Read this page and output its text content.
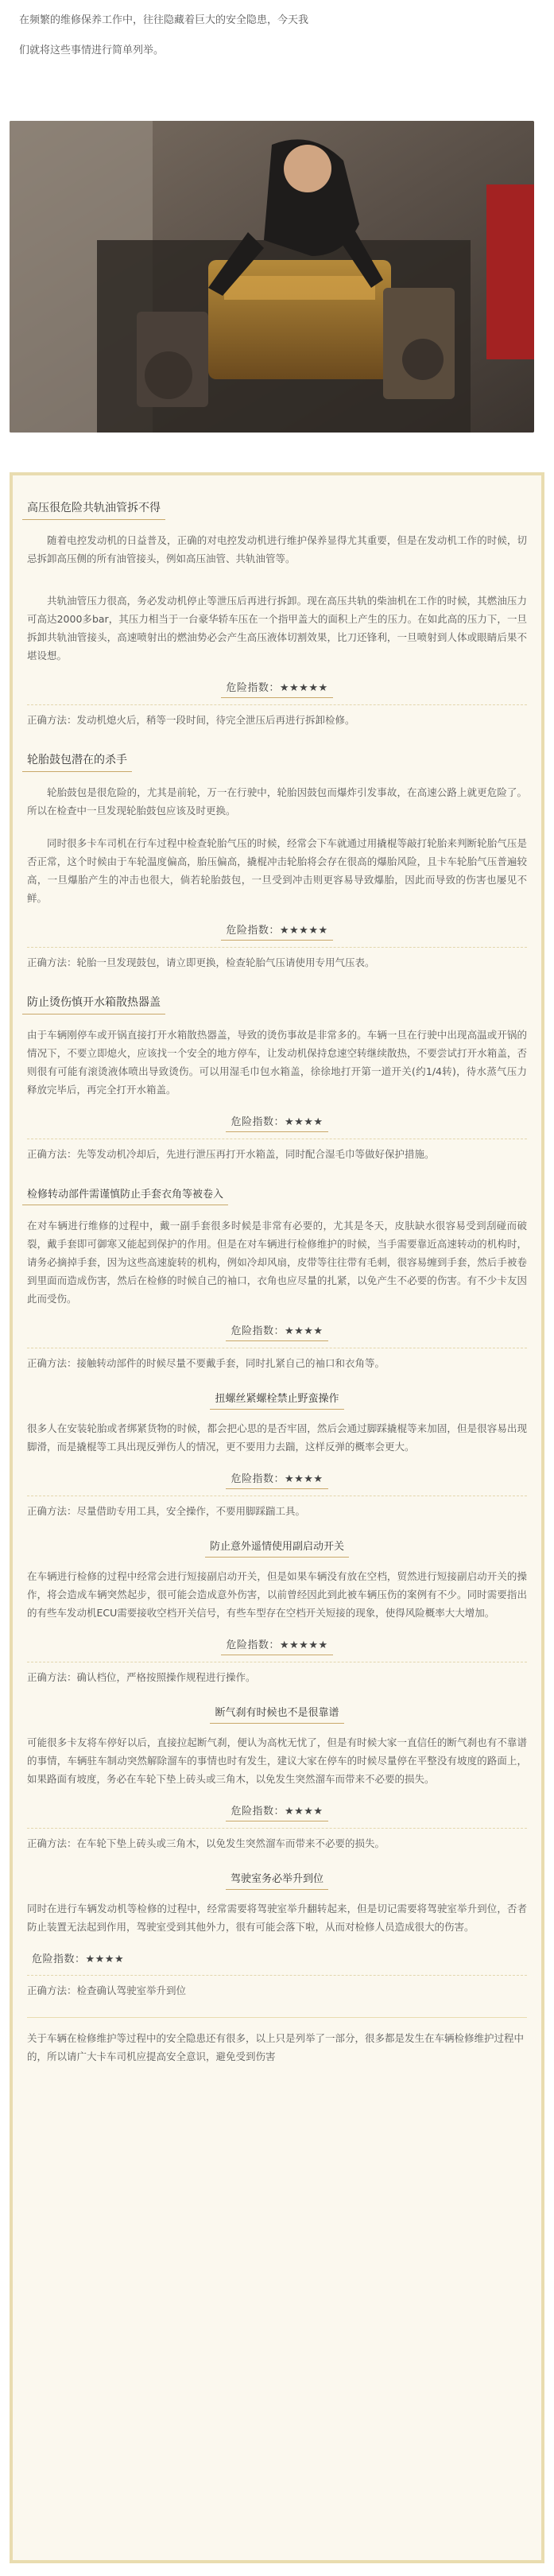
在频繁的维修保养工作中，往往隐藏着巨大的安全隐患，今天我

们就将这些事情进行简单列举。

高压很危险共轨油管拆不得

随着电控发动机的日益普及，正确的对电控发动机进行维护保养显得尤其重要，但是在发动机工作的时候，切忌拆卸高压侧的所有油管接头，例如高压油管、共轨油管等。

共轨油管压力很高，务必发动机停止等泄压后再进行拆卸。现在高压共轨的柴油机在工作的时候，其燃油压力可高达2000多bar，其压力相当于一台豪华轿车压在一个指甲盖大的面积上产生的压力。在如此高的压力下，一旦拆卸共轨油管接头，高速喷射出的燃油势必会产生高压液体切割效果，比刀还锋利，一旦喷射到人体或眼睛后果不堪设想。

危险指数：★★★★★

正确方法：发动机熄火后，稍等一段时间，待完全泄压后再进行拆卸检修。

轮胎鼓包潜在的杀手

轮胎鼓包是很危险的，尤其是前轮，万一在行驶中，轮胎因鼓包而爆炸引发事故，在高速公路上就更危险了。所以在检查中一旦发现轮胎鼓包应该及时更换。

同时很多卡车司机在行车过程中检查轮胎气压的时候，经常会下车就通过用撬棍等敲打轮胎来判断轮胎气压是否正常，这个时候由于车轮温度偏高，胎压偏高，撬棍冲击轮胎将会存在很高的爆胎风险，且卡车轮胎气压普遍较高，一旦爆胎产生的冲击也很大，倘若轮胎鼓包，一旦受到冲击则更容易导致爆胎，因此而导致的伤害也屡见不鲜。

危险指数：★★★★★

正确方法：轮胎一旦发现鼓包，请立即更换，检查轮胎气压请使用专用气压表。

防止烫伤慎开水箱散热器盖

由于车辆刚停车或开锅直接打开水箱散热器盖，导致的烫伤事故是非常多的。车辆一旦在行驶中出现高温或开锅的情况下，不要立即熄火，应该找一个安全的地方停车，让发动机保持怠速空转继续散热，不要尝试打开水箱盖，否则很有可能有滚烫液体喷出导致烫伤。可以用湿毛巾包水箱盖，徐徐地打开第一道开关(约1/4转)，待水蒸气压力释放完毕后，再完全打开水箱盖。

危险指数：★★★★

正确方法：先等发动机冷却后，先进行泄压再打开水箱盖，同时配合湿毛巾等做好保护措施。

检修转动部件需谨慎防止手套衣角等被卷入

在对车辆进行维修的过程中，戴一副手套很多时候是非常有必要的，尤其是冬天，皮肤缺水很容易受到刮碰而破裂，戴手套即可御寒又能起到保护的作用。但是在对车辆进行检修维护的时候，当手需要靠近高速转动的机构时，请务必摘掉手套，因为这些高速旋转的机构，例如冷却风扇，皮带等往往带有毛刺，很容易缠到手套，然后手被卷到里面而造成伤害，然后在检修的时候自己的袖口，衣角也应尽量的扎紧，以免产生不必要的伤害。有不少卡友因此而受伤。

危险指数：★★★★

正确方法：接触转动部件的时候尽量不要戴手套，同时扎紧自己的袖口和衣角等。

扭螺丝紧螺栓禁止野蛮操作

很多人在安装轮胎或者绑紧货物的时候，都会把心思的是否牢固，然后会通过脚踩撬棍等来加固，但是很容易出现脚滑，而是撬棍等工具出现反弹伤人的情况，更不要用力去踹，这样反弹的概率会更大。

危险指数：★★★★

正确方法：尽量借助专用工具，安全操作，不要用脚踩踹工具。

防止意外遥情使用副启动开关

在车辆进行检修的过程中经常会进行短接副启动开关，但是如果车辆没有放在空档，贸然进行短接副启动开关的操作，将会造成车辆突然起步，很可能会造成意外伤害，以前曾经因此到此被车辆压伤的案例有不少。同时需要指出的有些车发动机ECU需要接收空档开关信号，有些车型存在空档开关短接的现象，使得风险概率大大增加。

危险指数：★★★★★

正确方法：确认档位，严格按照操作规程进行操作。

断气刹有时候也不是很靠谱

可能很多卡友将车停好以后，直接拉起断气刹，便认为高枕无忧了，但是有时候大家一直信任的断气刹也有不靠谱的事情，车辆驻车制动突然解除溜车的事情也时有发生，建议大家在停车的时候尽量停在平整没有坡度的路面上，如果路面有坡度，务必在车轮下垫上砖头或三角木，以免发生突然溜车而带来不必要的损失。

危险指数：★★★★

正确方法：在车轮下垫上砖头或三角木，以免发生突然溜车而带来不必要的损失。

驾驶室务必举升到位

同时在进行车辆发动机等检修的过程中，经常需要将驾驶室举升翻转起来，但是切记需要将驾驶室举升到位，否者防止装置无法起到作用，驾驶室受到其他外力，很有可能会落下啦，从而对检修人员造成很大的伤害。

危险指数：★★★★

正确方法：检查确认驾驶室举升到位

关于车辆在检修维护等过程中的安全隐患还有很多，以上只是列举了一部分，很多都是发生在车辆检修维护过程中的，所以请广大卡车司机应提高安全意识，避免受到伤害
